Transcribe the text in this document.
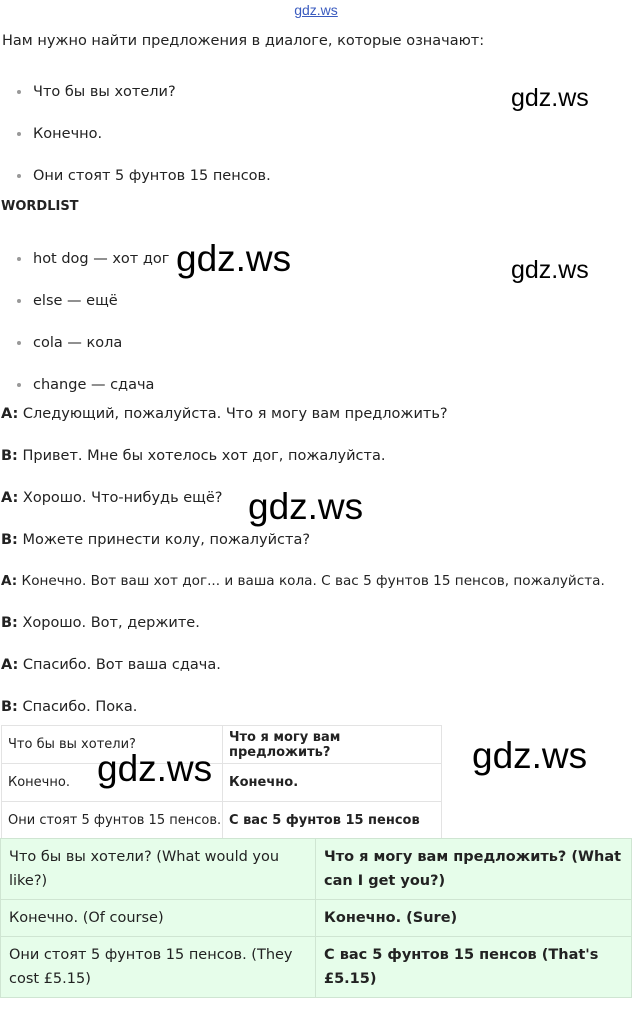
gdz.ws
Нам нужно найти предложения в диалоге, которые означают:
Что бы вы хотели?
Конечно.
Они стоят 5 фунтов 15 пенсов.
WORDLIST
hot dog — хот дог
else — ещё
cola — кола
change — сдача
A: Следующий, пожалуйста. Что я могу вам предложить?
B: Привет. Мне бы хотелось хот дог, пожалуйста.
A: Хорошо. Что-нибудь ещё?
B: Можете принести колу, пожалуйста?
A: Конечно. Вот ваш хот дог... и ваша кола. С вас 5 фунтов 15 пенсов, пожалуйста.
B: Хорошо. Вот, держите.
A: Спасибо. Вот ваша сдача.
B: Спасибо. Пока.
Что бы вы хотели?	Что я могу вам предложить?
Конечно.	Конечно.
Они стоят 5 фунтов 15 пенсов.	С вас 5 фунтов 15 пенсов
Что бы вы хотели? (What would you like?)	Что я могу вам предложить? (What can I get you?)
Конечно. (Of course)	Конечно. (Sure)
Они стоят 5 фунтов 15 пенсов. (They cost £5.15)	С вас 5 фунтов 15 пенсов (That's £5.15)
gdz.ws
gdz.ws	gdz.ws
gdz.ws
gdz.ws	gdz.ws
